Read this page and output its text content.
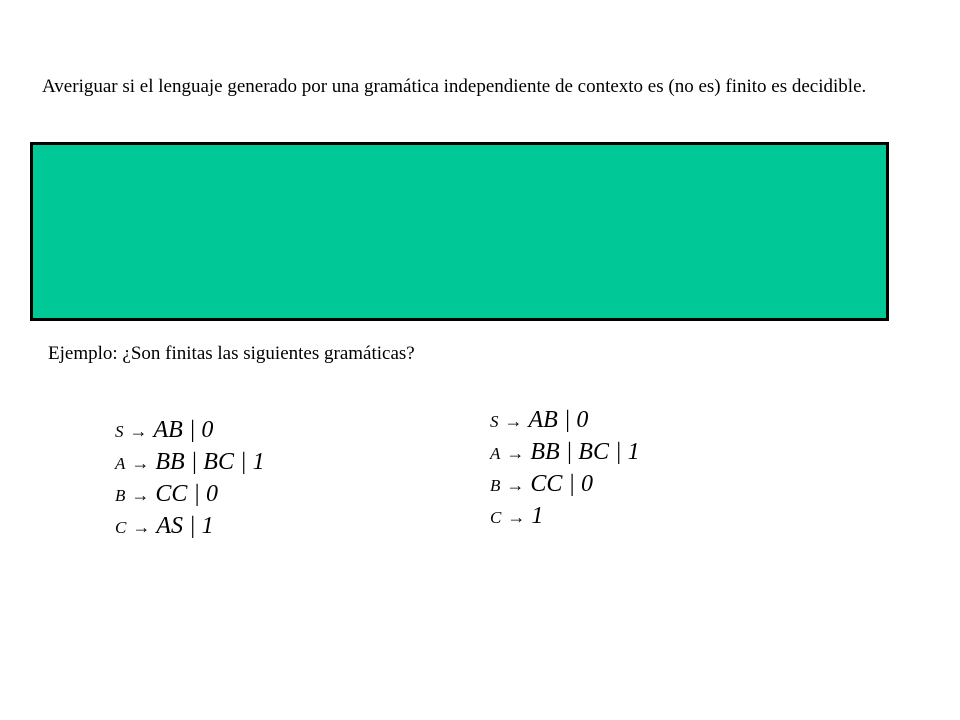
Averiguar si el lenguaje generado por una gramática independiente de contexto es (no es) finito es decidible.

Ejemplo: ¿Son finitas las siguientes gramáticas?

S → AB | 0
A → BB | BC | 1
B → CC | 0
C → AS | 1
S → AB | 0
A → BB | BC | 1
B → CC | 0
C → 1
